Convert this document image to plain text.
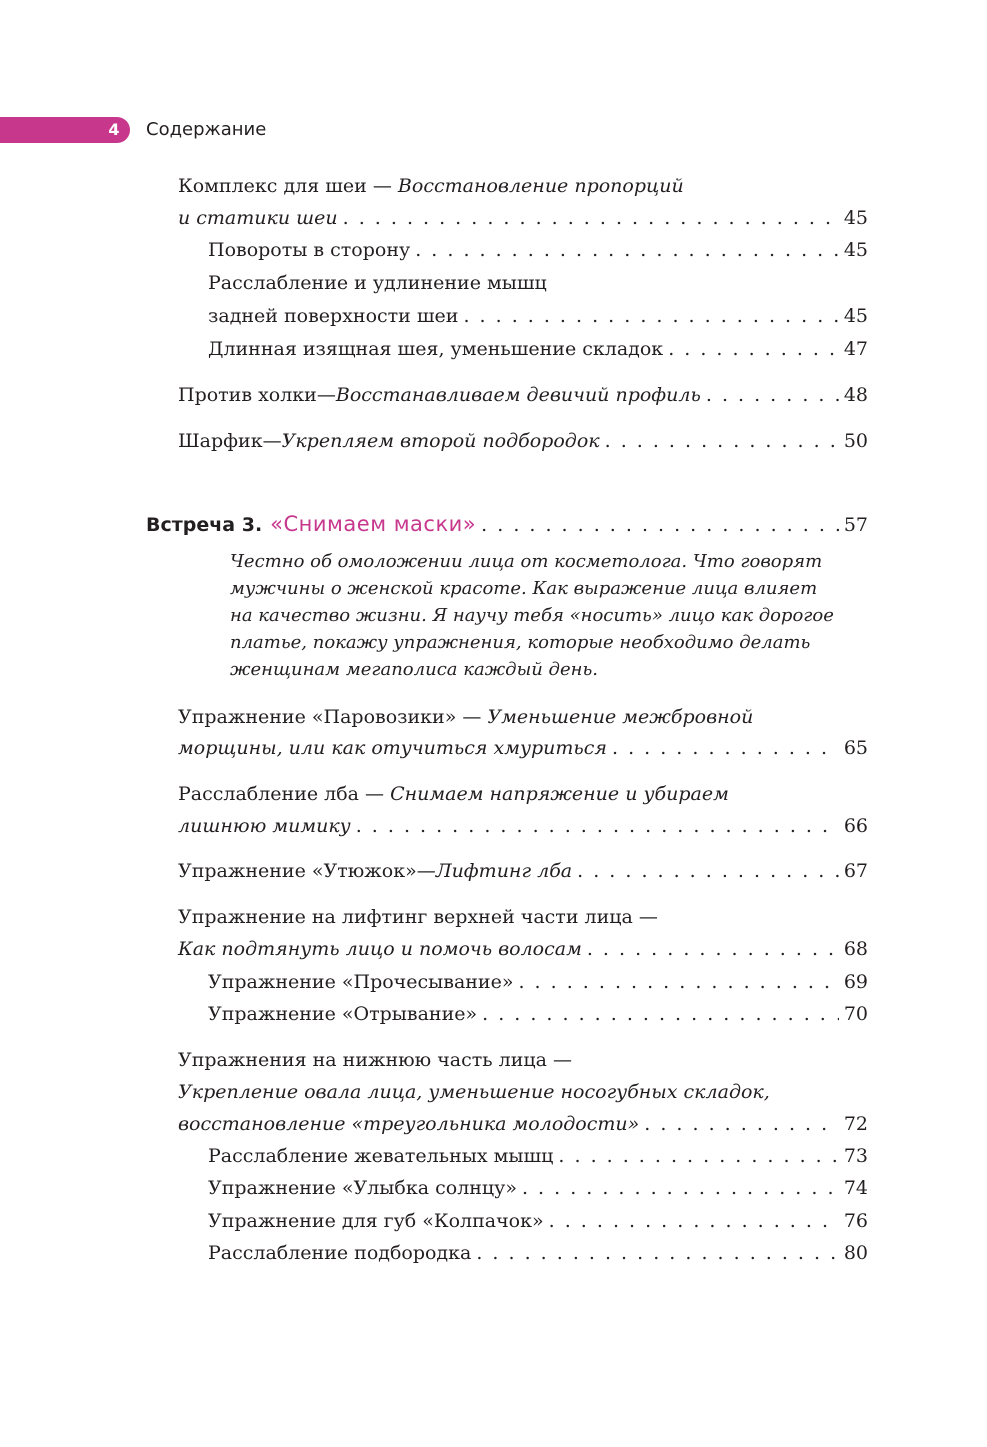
4 Содержание
Комплекс для шеи — Восстановление пропорций
и статики шеи . . .	45
Повороты в сторону . . .	45
Расслабление и удлинение мышц
задней поверхности шеи . . .	45
Длинная изящная шея, уменьшение складок . . .	47
Против холки — Восстанавливаем девичий профиль . . .	48
Шарфик — Укрепляем второй подбородок . . .	50
Встреча 3. «Снимаем маски» . . .	57
Честно об омоложении лица от косметолога. Что говорят
мужчины о женской красоте. Как выражение лица влияет
на качество жизни. Я научу тебя «носить» лицо как дорогое
платье, покажу упражнения, которые необходимо делать
женщинам мегаполиса каждый день.
Упражнение «Паровозики» — Уменьшение межбровной
морщины, или как отучиться хмуриться . . .	65
Расслабление лба — Снимаем напряжение и убираем
лишнюю мимику . . .	66
Упражнение «Утюжок» — Лифтинг лба . . .	67
Упражнение на лифтинг верхней части лица —
Как подтянуть лицо и помочь волосам . . .	68
Упражнение «Прочесывание» . . .	69
Упражнение «Отрывание» . . .	70
Упражнения на нижнюю часть лица —
Укрепление овала лица, уменьшение носогубных складок,
восстановление «треугольника молодости» . . .	72
Расслабление жевательных мышц . . .	73
Упражнение «Улыбка солнцу» . . .	74
Упражнение для губ «Колпачок» . . .	76
Расслабление подбородка . . .	80
